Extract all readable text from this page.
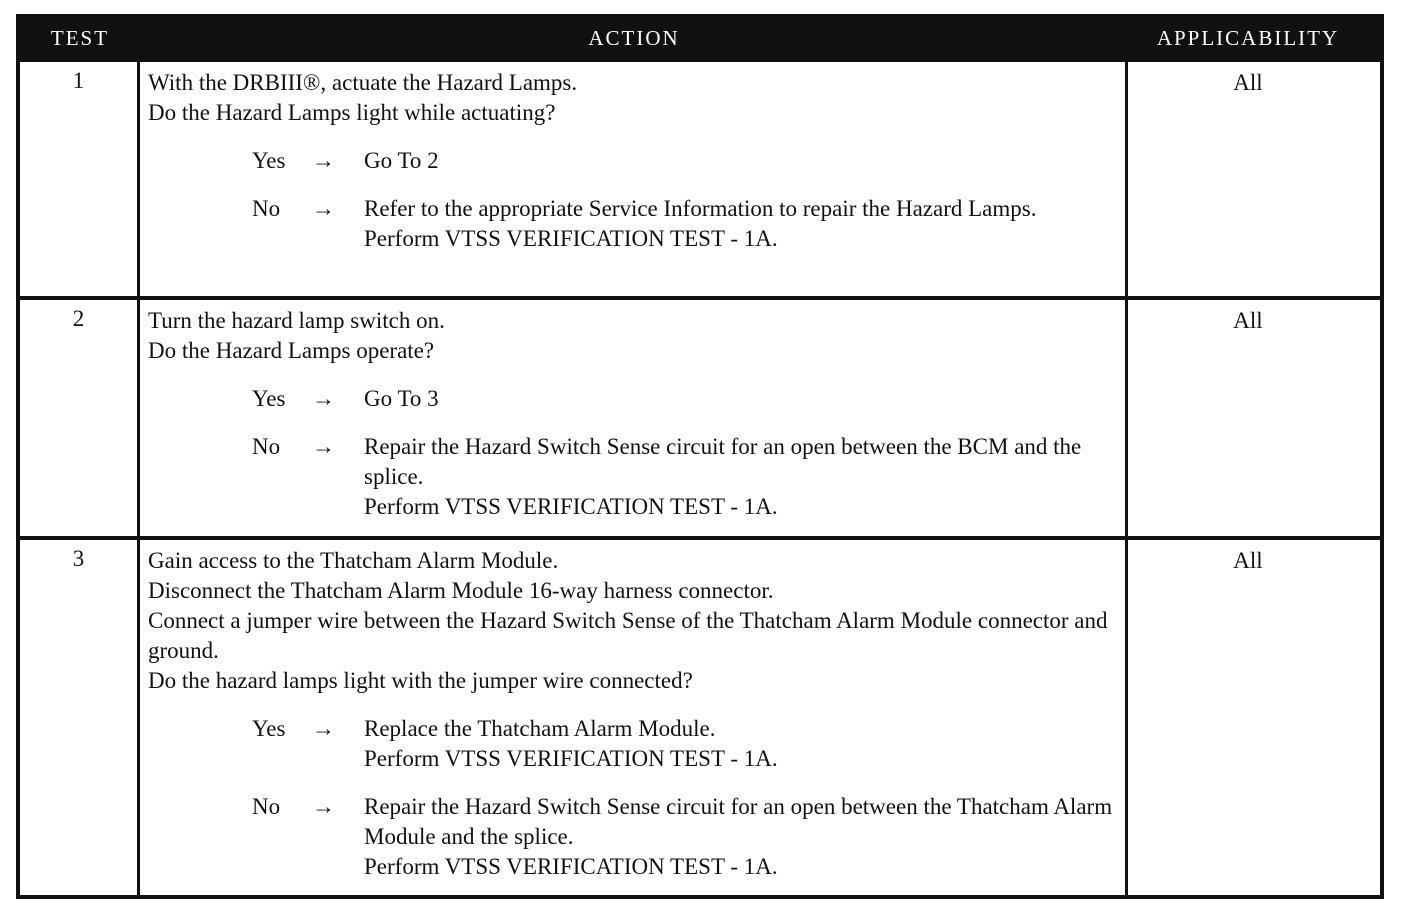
TEST	ACTION	APPLICABILITY
1	With the DRBIII®, actuate the Hazard Lamps.
Do the Hazard Lamps light while actuating?
Yes	→	Go To 2
No	→	Refer to the appropriate Service Information to repair the Hazard Lamps.
Perform VTSS VERIFICATION TEST - 1A.
All
2	Turn the hazard lamp switch on.
Do the Hazard Lamps operate?
Yes	→	Go To 3
No	→	Repair the Hazard Switch Sense circuit for an open between the BCM and the splice.
Perform VTSS VERIFICATION TEST - 1A.
All
3	Gain access to the Thatcham Alarm Module.
Disconnect the Thatcham Alarm Module 16-way harness connector.
Connect a jumper wire between the Hazard Switch Sense of the Thatcham Alarm Module connector and ground.
Do the hazard lamps light with the jumper wire connected?
Yes	→	Replace the Thatcham Alarm Module.
Perform VTSS VERIFICATION TEST - 1A.
No	→	Repair the Hazard Switch Sense circuit for an open between the Thatcham Alarm Module and the splice.
Perform VTSS VERIFICATION TEST - 1A.
All
